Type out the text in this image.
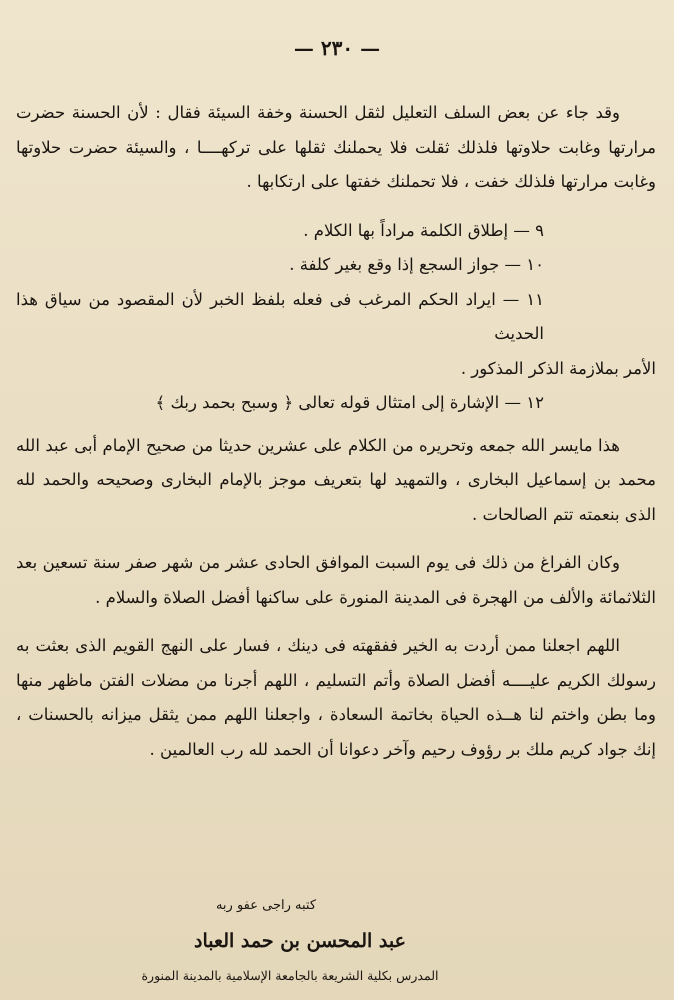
— ٢٣٠ —

وقد جاء عن بعض السلف التعليل لثقل الحسنة وخفة السيئة فقال : لأن الحسنة حضرت مرارتها وغابت حلاوتها فلذلك ثقلت فلا يحملنك ثقلها على تركهــــا ، والسيئة حضرت حلاوتها وغابت مرارتها فلذلك خفت ، فلا تحملنك خفتها على ارتكابها .

٩ — إطلاق الكلمة مراداً بها الكلام .

١٠ — جواز السجع إذا وقع بغير كلفة .

١١ — ايراد الحكم المرغب فى فعله بلفظ الخبر لأن المقصود من سياق هذا الحديث
الأمر بملازمة الذكر المذكور .

١٢ — الإشارة إلى امتثال قوله تعالى ﴿ وسبح بحمد ربك ﴾

هذا مايسر الله جمعه وتحريره من الكلام على عشرين حديثا من صحيح الإمام أبى عبد الله محمد بن إسماعيل البخارى ، والتمهيد لها بتعريف موجز بالإمام البخارى وصحيحه والحمد لله الذى بنعمته تتم الصالحات .

وكان الفراغ من ذلك فى يوم السبت الموافق الحادى عشر من شهر صفر سنة تسعين بعد الثلاثمائة والألف من الهجرة فى المدينة المنورة على ساكنها أفضل الصلاة والسلام .

اللهم اجعلنا ممن أردت به الخير ففقهته فى دينك ، فسار على النهج القويم الذى بعثت به رسولك الكريم عليــــه أفضل الصلاة وأتم التسليم ، اللهم أجرنا من مضلات الفتن ماظهر منها وما بطن واختم لنا هــذه الحياة بخاتمة السعادة ، واجعلنا اللهم ممن يثقل ميزانه بالحسنات ، إنك جواد كريم ملك بر رؤوف رحيم وآخر دعوانا أن الحمد لله رب العالمين .

كتبه راجى عفو ربه
عبد المحسن بن حمد العباد
المدرس بكلية الشريعة بالجامعة الإسلامية بالمدينة المنورة
